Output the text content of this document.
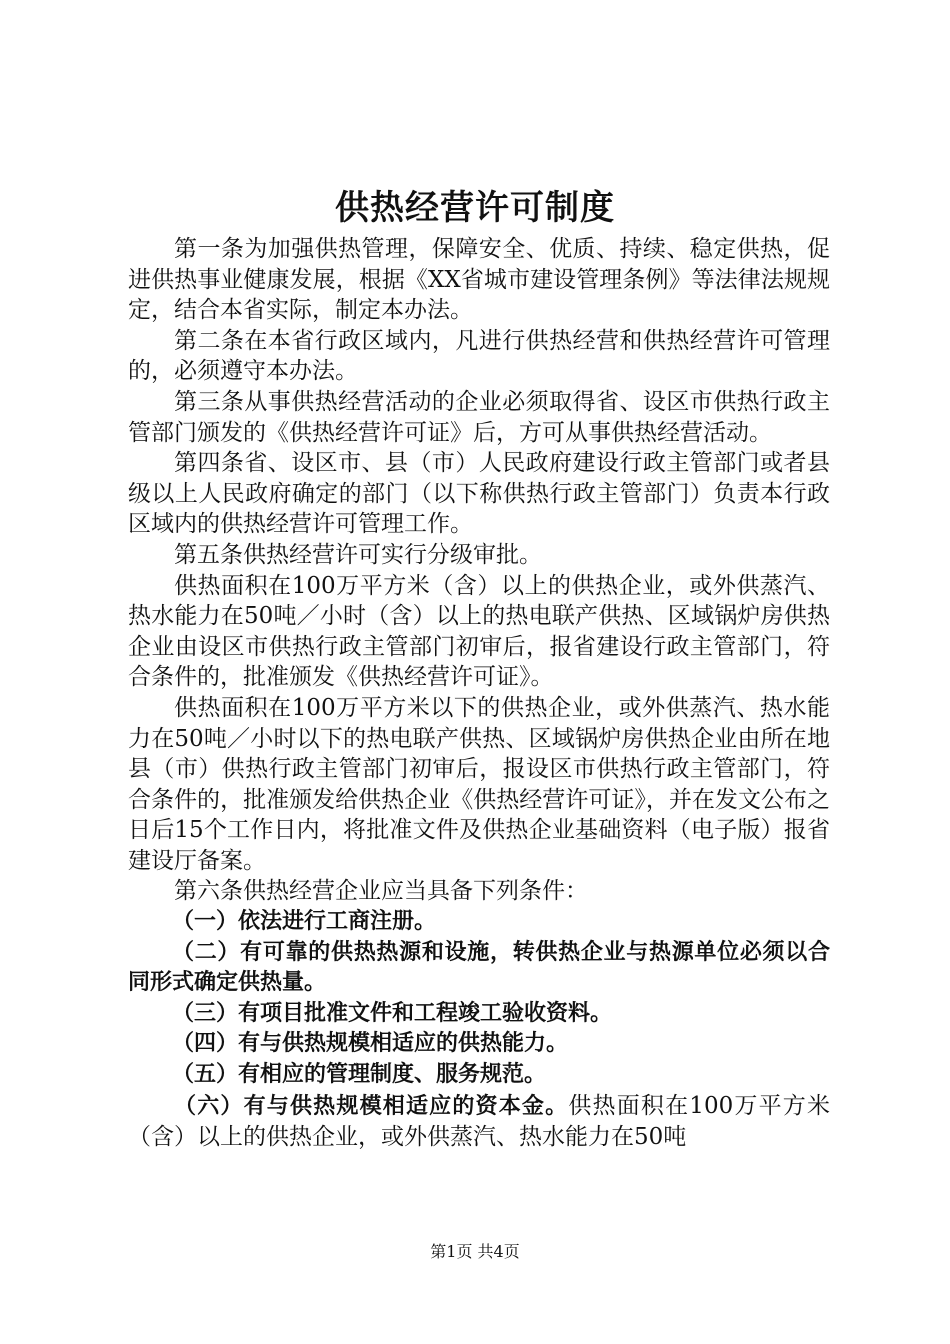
供热经营许可制度

第一条为加强供热管理，保障安全、优质、持续、稳定供热，促进供热事业健康发展，根据《XX省城市建设管理条例》等法律法规规定，结合本省实际，制定本办法。

第二条在本省行政区域内，凡进行供热经营和供热经营许可管理的，必须遵守本办法。

第三条从事供热经营活动的企业必须取得省、设区市供热行政主管部门颁发的《供热经营许可证》后，方可从事供热经营活动。

第四条省、设区市、县（市）人民政府建设行政主管部门或者县级以上人民政府确定的部门（以下称供热行政主管部门）负责本行政区域内的供热经营许可管理工作。

第五条供热经营许可实行分级审批。

供热面积在100万平方米（含）以上的供热企业，或外供蒸汽、热水能力在50吨／小时（含）以上的热电联产供热、区域锅炉房供热企业由设区市供热行政主管部门初审后，报省建设行政主管部门，符合条件的，批准颁发《供热经营许可证》。

供热面积在100万平方米以下的供热企业，或外供蒸汽、热水能力在50吨／小时以下的热电联产供热、区域锅炉房供热企业由所在地县（市）供热行政主管部门初审后，报设区市供热行政主管部门，符合条件的，批准颁发给供热企业《供热经营许可证》，并在发文公布之日后15个工作日内，将批准文件及供热企业基础资料（电子版）报省建设厅备案。

第六条供热经营企业应当具备下列条件：

（一）依法进行工商注册。

（二）有可靠的供热热源和设施，转供热企业与热源单位必须以合同形式确定供热量。

（三）有项目批准文件和工程竣工验收资料。

（四）有与供热规模相适应的供热能力。

（五）有相应的管理制度、服务规范。

（六）有与供热规模相适应的资本金。供热面积在100万平方米（含）以上的供热企业，或外供蒸汽、热水能力在50吨

第1页 共4页
